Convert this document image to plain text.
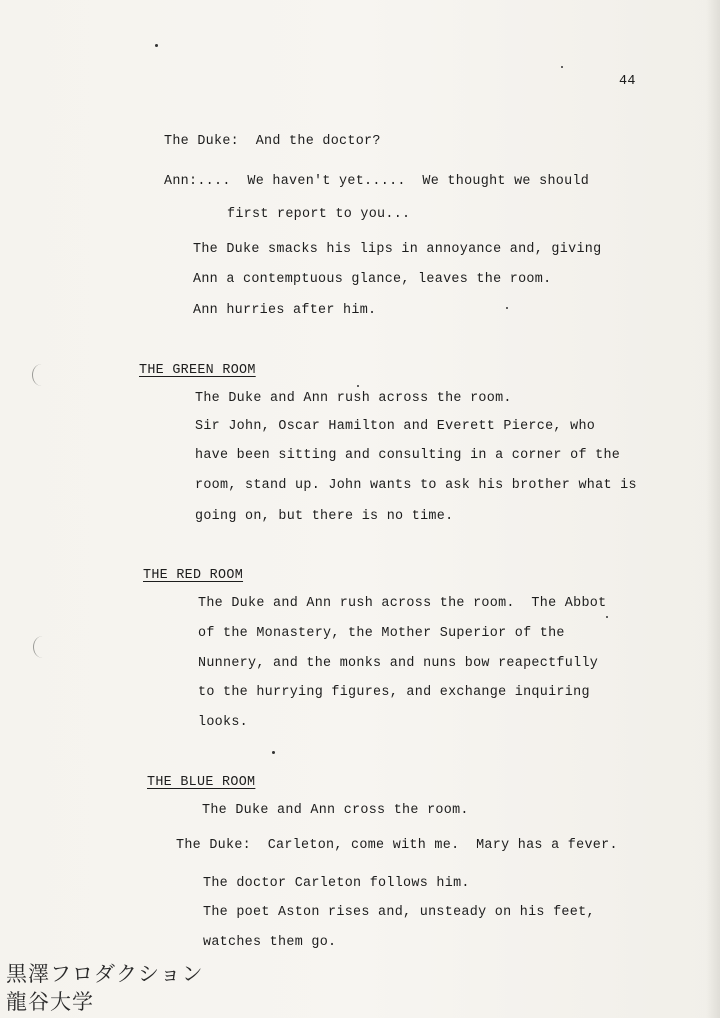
44
The Duke:  And the doctor?
Ann:....  We haven't yet.....  We thought we should
first report to you...
The Duke smacks his lips in annoyance and, giving
Ann a contemptuous glance, leaves the room.
Ann hurries after him.
THE GREEN ROOM
The Duke and Ann rush across the room.
Sir John, Oscar Hamilton and Everett Pierce, who
have been sitting and consulting in a corner of the
room, stand up. John wants to ask his brother what is
going on, but there is no time.
THE RED ROOM
The Duke and Ann rush across the room.  The Abbot
of the Monastery, the Mother Superior of the
Nunnery, and the monks and nuns bow reapectfully
to the hurrying figures, and exchange inquiring
looks.
THE BLUE ROOM
The Duke and Ann cross the room.
The Duke:  Carleton, come with me.  Mary has a fever.
The doctor Carleton follows him.
The poet Aston rises and, unsteady on his feet,
watches them go.
黒澤フロダクション
龍谷大学
